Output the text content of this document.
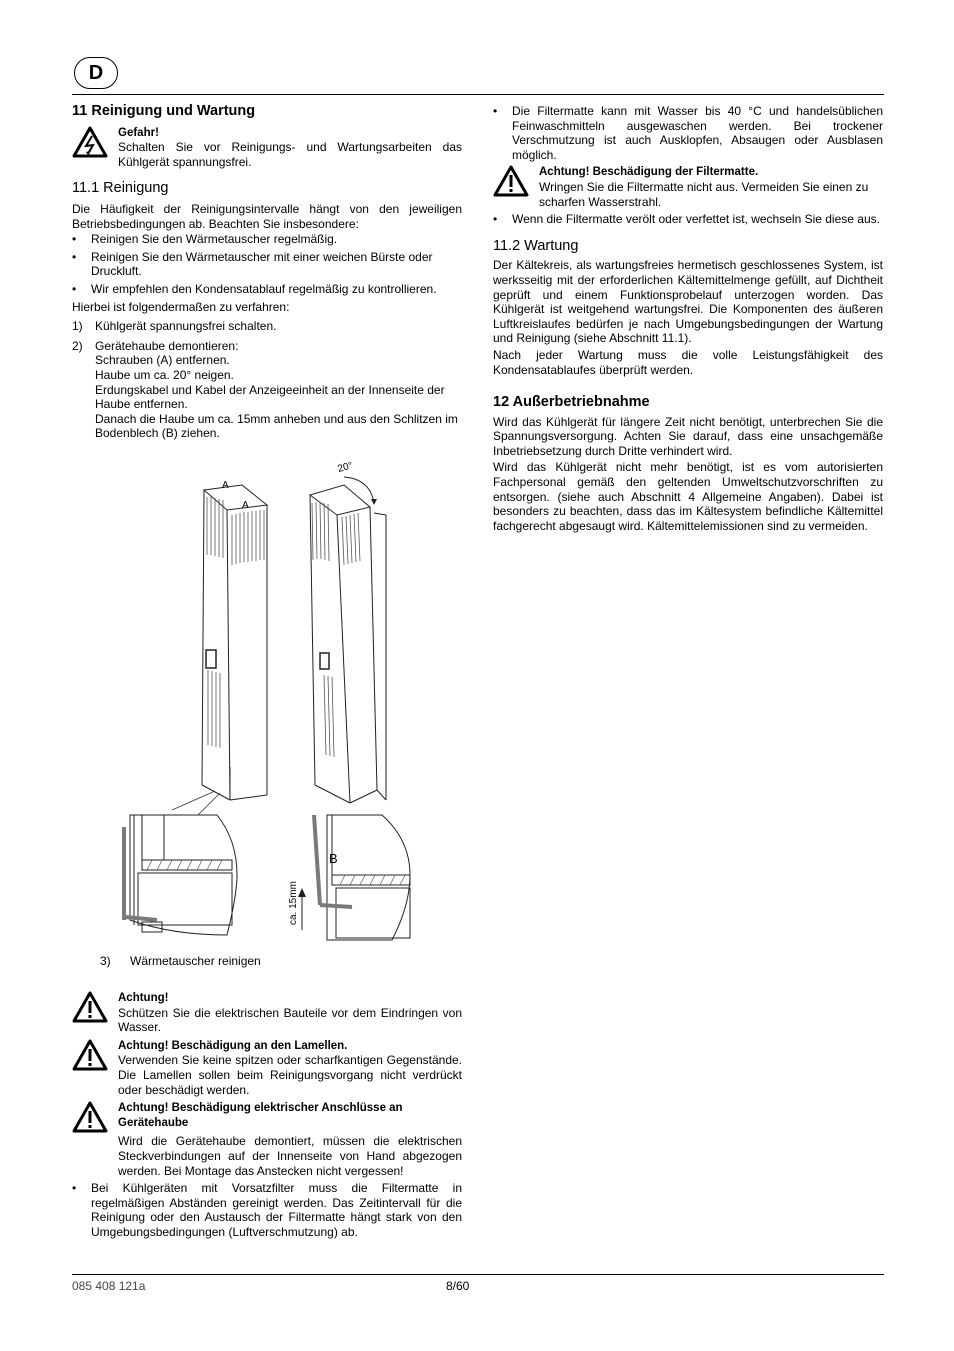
D
11 Reinigung und Wartung
Gefahr!

Schalten Sie vor Reinigungs- und Wartungsarbeiten das Kühlgerät spannungsfrei.

11.1 Reinigung

Die Häufigkeit der Reinigungsintervalle hängt von den jeweiligen Betriebsbedingungen ab. Beachten Sie insbesondere:

•	Reinigen Sie den Wärmetauscher regelmäßig.
•	Reinigen Sie den Wärmetauscher mit einer weichen Bürste oder Druckluft.
•	Wir empfehlen den Kondensatablauf regelmäßig zu kontrollieren.

Hierbei ist folgendermaßen zu verfahren:

1)	Kühlgerät spannungsfrei schalten.
2)	Gerätehaube demontieren:
Schrauben (A) entfernen.
Haube um ca. 20° neigen.
Erdungskabel und Kabel der Anzeigeeinheit an der Innenseite der Haube entfernen.
Danach die Haube um ca. 15mm anheben und aus den Schlitzen im Bodenblech (B) ziehen.
A
A
20°
B
ca. 15mm
3)	Wärmetauscher reinigen
Achtung!

Schützen Sie die elektrischen Bauteile vor dem Eindringen von Wasser.

Achtung! Beschädigung an den Lamellen.

Verwenden Sie keine spitzen oder scharfkantigen Gegenstände. Die Lamellen sollen beim Reinigungsvorgang nicht verdrückt oder beschädigt werden.

Achtung! Beschädigung elektrischer Anschlüsse an Gerätehaube

Wird die Gerätehaube demontiert, müssen die elektrischen Steckverbindungen auf der Innenseite von Hand abgezogen werden. Bei Montage das Anstecken nicht vergessen!

•	Bei Kühlgeräten mit Vorsatzfilter muss die Filtermatte in regelmäßigen Abständen gereinigt werden. Das Zeitintervall für die Reinigung oder den Austausch der Filtermatte hängt stark von den Umgebungsbedingungen (Luftverschmutzung) ab.
•	Die Filtermatte kann mit Wasser bis 40 °C und handelsüblichen Feinwaschmitteln ausgewaschen werden. Bei trockener Verschmutzung ist auch Ausklopfen, Absaugen oder Ausblasen möglich.
Achtung! Beschädigung der Filtermatte.

Wringen Sie die Filtermatte nicht aus. Vermeiden Sie einen zu scharfen Wasserstrahl.

•	Wenn die Filtermatte verölt oder verfettet ist, wechseln Sie diese aus.
11.2 Wartung

Der Kältekreis, als wartungsfreies hermetisch geschlossenes System, ist werksseitig mit der erforderlichen Kältemittelmenge gefüllt, auf Dichtheit geprüft und einem Funktionsprobelauf unterzogen worden. Das Kühlgerät ist weitgehend wartungsfrei. Die Komponenten des äußeren Luftkreislaufes bedürfen je nach Umgebungsbedingungen der Wartung und Reinigung (siehe Abschnitt 11.1).

Nach jeder Wartung muss die volle Leistungsfähigkeit des Kondensatablaufes überprüft werden.

12 Außerbetriebnahme

Wird das Kühlgerät für längere Zeit nicht benötigt, unterbrechen Sie die Spannungsversorgung. Achten Sie darauf, dass eine unsachgemäße Inbetriebsetzung durch Dritte verhindert wird.

Wird das Kühlgerät nicht mehr benötigt, ist es vom autorisierten Fachpersonal gemäß den geltenden Umweltschutzvorschriften zu entsorgen. (siehe auch Abschnitt 4 Allgemeine Angaben). Dabei ist besonders zu beachten, dass das im Kältesystem befindliche Kältemittel fachgerecht abgesaugt wird. Kältemittelemissionen sind zu vermeiden.

085 408 121a	8/60
